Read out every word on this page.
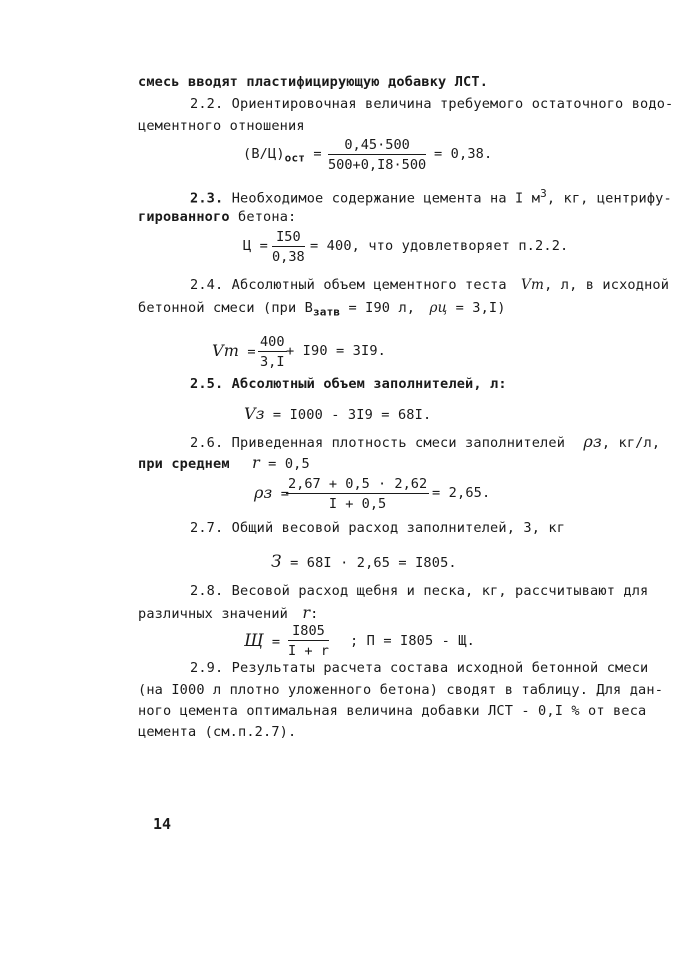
смесь вводят пластифицирующую добавку ЛСТ.
2.2. Ориентировочная величина требуемого остаточного водо-
цементного отношения
$(В/Ц)_{ост} = \frac{0,45\cdot 500}{500+0,I8\cdot 500} = 0,38$.
2.3. Необходимое содержание цемента на I $м^3$, кг, центрифу-
гированного бетона:
$Ц = \frac{I50}{0,38} = 400$, что удовлетворяет п.2.2.
2.4. Абсолютный объем цементного теста Vm, л, в исходной
бетонной смеси (при $B_{затв} = I90$ л, ρц = 3,I)
$Vm = \frac{400}{3,I} + I90 = 3I9$.
2.5. Абсолютный объем заполнителей, л:
Vз = I000 - 3I9 = 68I.
2.6. Приведенная плотность смеси заполнителей ρз, кг/л,
при среднем r = 0,5
ρз =
$\frac{2,67 + 0,5 \cdot 2,62}{I + 0,5} = 2,65$.
2.7. Общий весовой расход заполнителей, З, кг
З = 68I · 2,65 = I805.
2.8. Весовой расход щебня и песка, кг, рассчитывают для
различных значений r:
$Щ = \frac{I805}{I + r}$ ; П = I805 - Щ.
2.9. Результаты расчета состава исходной бетонной смеси
(на I000 л плотно уложенного бетона) сводят в таблицу. Для дан-
ного цемента оптимальная величина добавки ЛСТ - 0,I % от веса
цемента (см.п.2.7).
14
